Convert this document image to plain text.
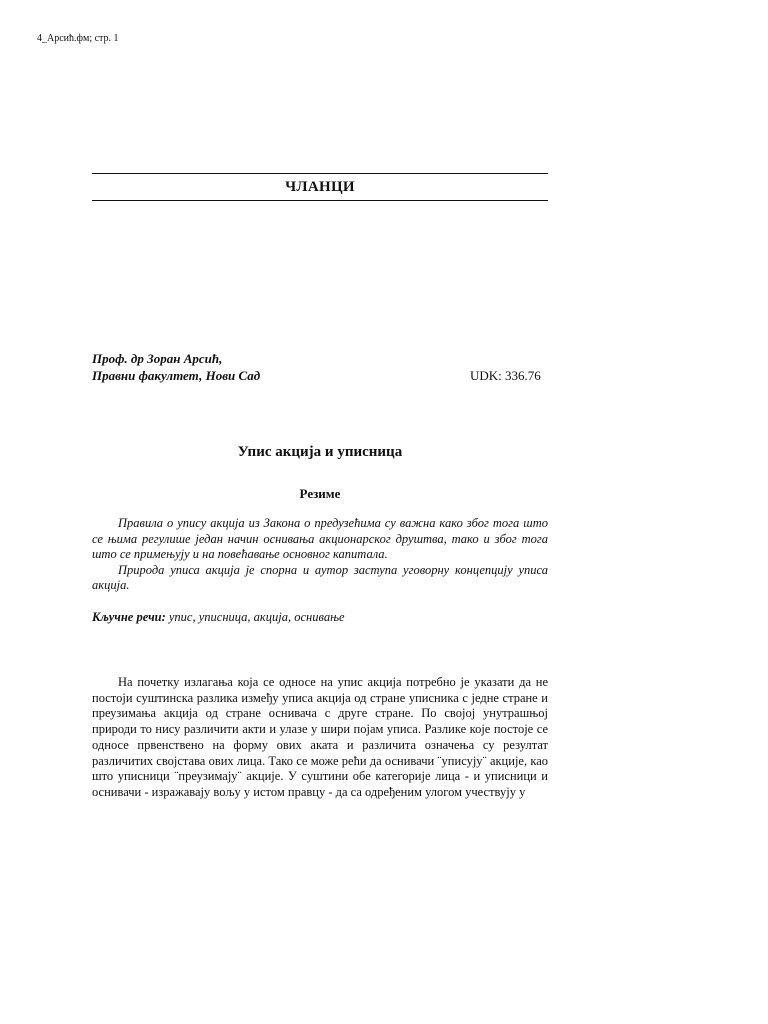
4_Арсић.фм; стр. 1
ЧЛАНЦИ
Проф. др Зоран Арсић,
Правни факултет, Нови Сад	UDK: 336.76
Упис акција и уписница
Резиме

Правила о упису акција из Закона о предузећима су важна како због тога што се њима регулише један начин оснивања акционарског друштва, тако и због тога што се примењују и на повећавање основног капитала.

Природа уписа акција је спорна и аутор заступа уговорну концепцију уписа акција.

Кључне речи: упис, уписница, акција, оснивање

На почетку излагања која се односе на упис акција потребно је указати да не постоји суштинска разлика између уписа акција од стране уписника с једне стране и преузимања акција од стране оснивача с друге стране. По својој унутрашњој природи то нису различити акти и улазе у шири појам уписа. Разлике које постоје се односе првенствено на форму ових аката и различита означења су резултат различитих својстава ових лица. Тако се може рећи да оснивачи ¨уписују¨ акције, као што уписници ¨преузимају¨ акције. У суштини обе категорије лица - и уписници и оснивачи - изражавају вољу у истом правцу - да са одређеним улогом учествују у
